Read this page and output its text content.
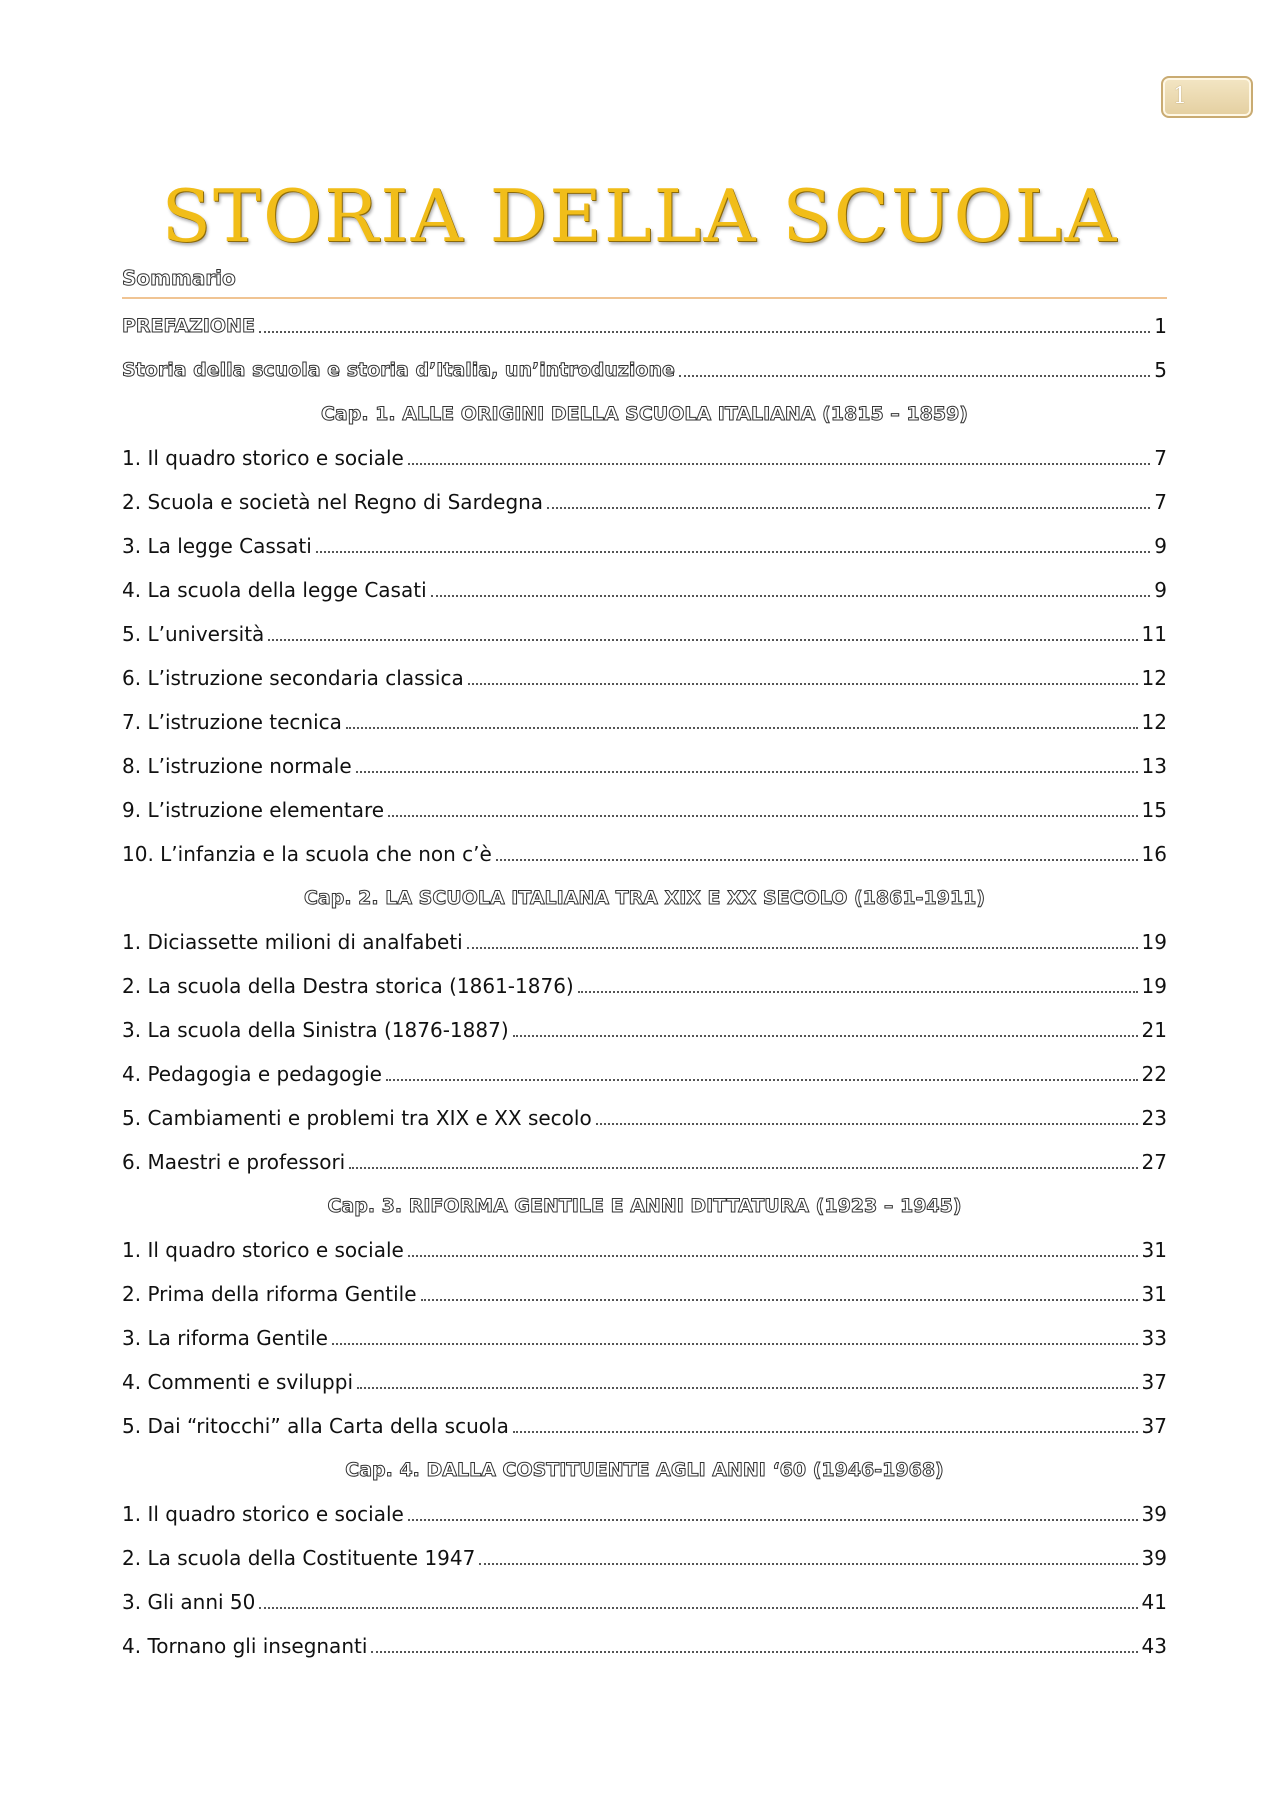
1
STORIA DELLA SCUOLA
Sommario
PREFAZIONE	1
Storia della scuola e storia d’Italia, un’introduzione	5
Cap. 1. ALLE ORIGINI DELLA SCUOLA ITALIANA (1815 – 1859)
1. Il quadro storico e sociale	7
2. Scuola e società nel Regno di Sardegna	7
3. La legge Cassati	9
4. La scuola della legge Casati	9
5. L’università	11
6. L’istruzione secondaria classica	12
7. L’istruzione tecnica	12
8. L’istruzione normale	13
9. L’istruzione elementare	15
10. L’infanzia e la scuola che non c’è	16
Cap. 2. LA SCUOLA ITALIANA TRA XIX E XX SECOLO (1861-1911)
1. Diciassette milioni di analfabeti	19
2. La scuola della Destra storica (1861-1876)	19
3. La scuola della Sinistra (1876-1887)	21
4. Pedagogia e pedagogie	22
5. Cambiamenti e problemi tra XIX e XX secolo	23
6. Maestri e professori	27
Cap. 3. RIFORMA GENTILE E ANNI DITTATURA (1923 – 1945)
1. Il quadro storico e sociale	31
2. Prima della riforma Gentile	31
3. La riforma Gentile	33
4. Commenti e sviluppi	37
5. Dai “ritocchi” alla Carta della scuola	37
Cap. 4. DALLA COSTITUENTE AGLI ANNI ‘60 (1946-1968)
1. Il quadro storico e sociale	39
2. La scuola della Costituente 1947	39
3. Gli anni 50	41
4. Tornano gli insegnanti	43
